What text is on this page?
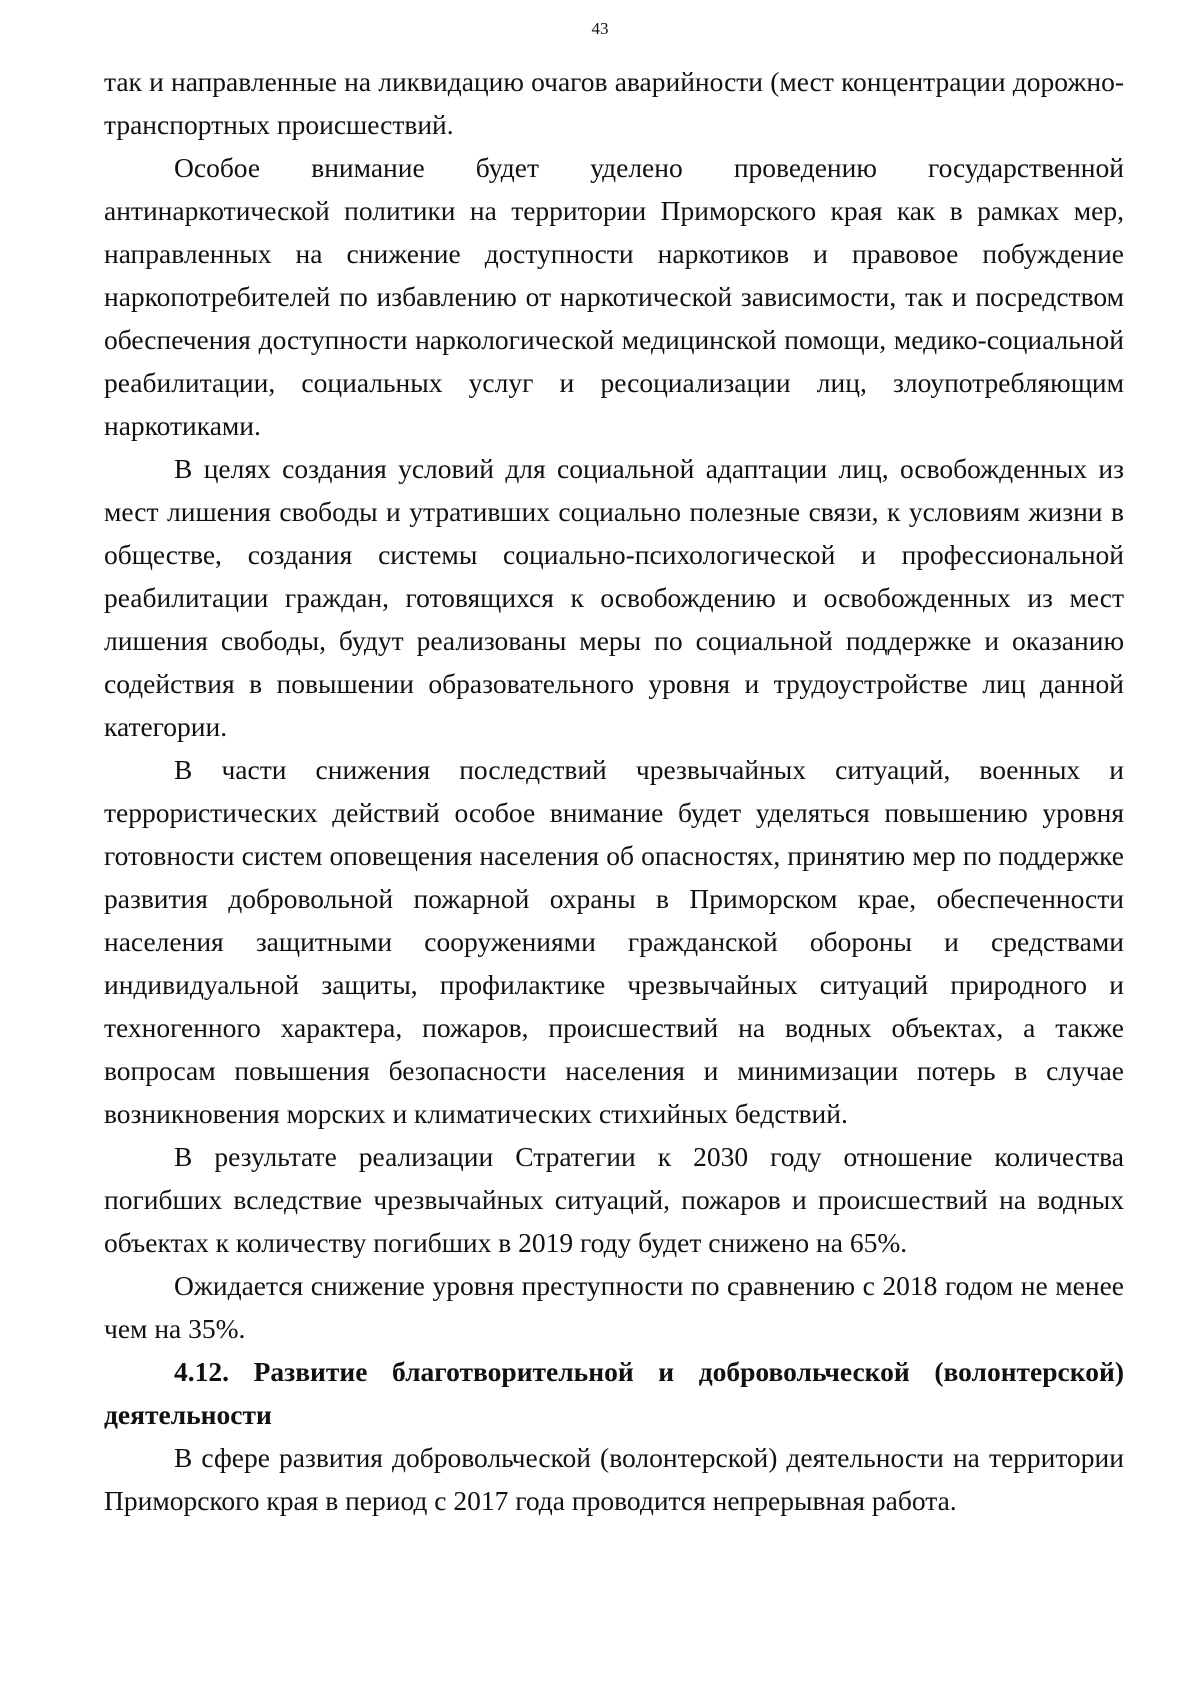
43

так и направленные на ликвидацию очагов аварийности (мест концентрации дорожно-транспортных происшествий.

Особое внимание будет уделено проведению государственной антинаркотической политики на территории Приморского края как в рамках мер, направленных на снижение доступности наркотиков и правовое побуждение наркопотребителей по избавлению от наркотической зависимости, так и посредством обеспечения доступности наркологической медицинской помощи, медико-социальной реабилитации, социальных услуг и ресоциализации лиц, злоупотребляющим наркотиками.

В целях создания условий для социальной адаптации лиц, освобожденных из мест лишения свободы и утративших социально полезные связи, к условиям жизни в обществе, создания системы социально-психологической и профессиональной реабилитации граждан, готовящихся к освобождению и освобожденных из мест лишения свободы, будут реализованы меры по социальной поддержке и оказанию содействия в повышении образовательного уровня и трудоустройстве лиц данной категории.

В части снижения последствий чрезвычайных ситуаций, военных и террористических действий особое внимание будет уделяться повышению уровня готовности систем оповещения населения об опасностях, принятию мер по поддержке развития добровольной пожарной охраны в Приморском крае, обеспеченности населения защитными сооружениями гражданской обороны и средствами индивидуальной защиты, профилактике чрезвычайных ситуаций природного и техногенного характера, пожаров, происшествий на водных объектах, а также вопросам повышения безопасности населения и минимизации потерь в случае возникновения морских и климатических стихийных бедствий.

В результате реализации Стратегии к 2030 году отношение количества погибших вследствие чрезвычайных ситуаций, пожаров и происшествий на водных объектах к количеству погибших в 2019 году будет снижено на 65%.

Ожидается снижение уровня преступности по сравнению с 2018 годом не менее чем на 35%.

4.12. Развитие благотворительной и добровольческой (волонтерской) деятельности

В сфере развития добровольческой (волонтерской) деятельности на территории Приморского края в период с 2017 года проводится непрерывная работа.
